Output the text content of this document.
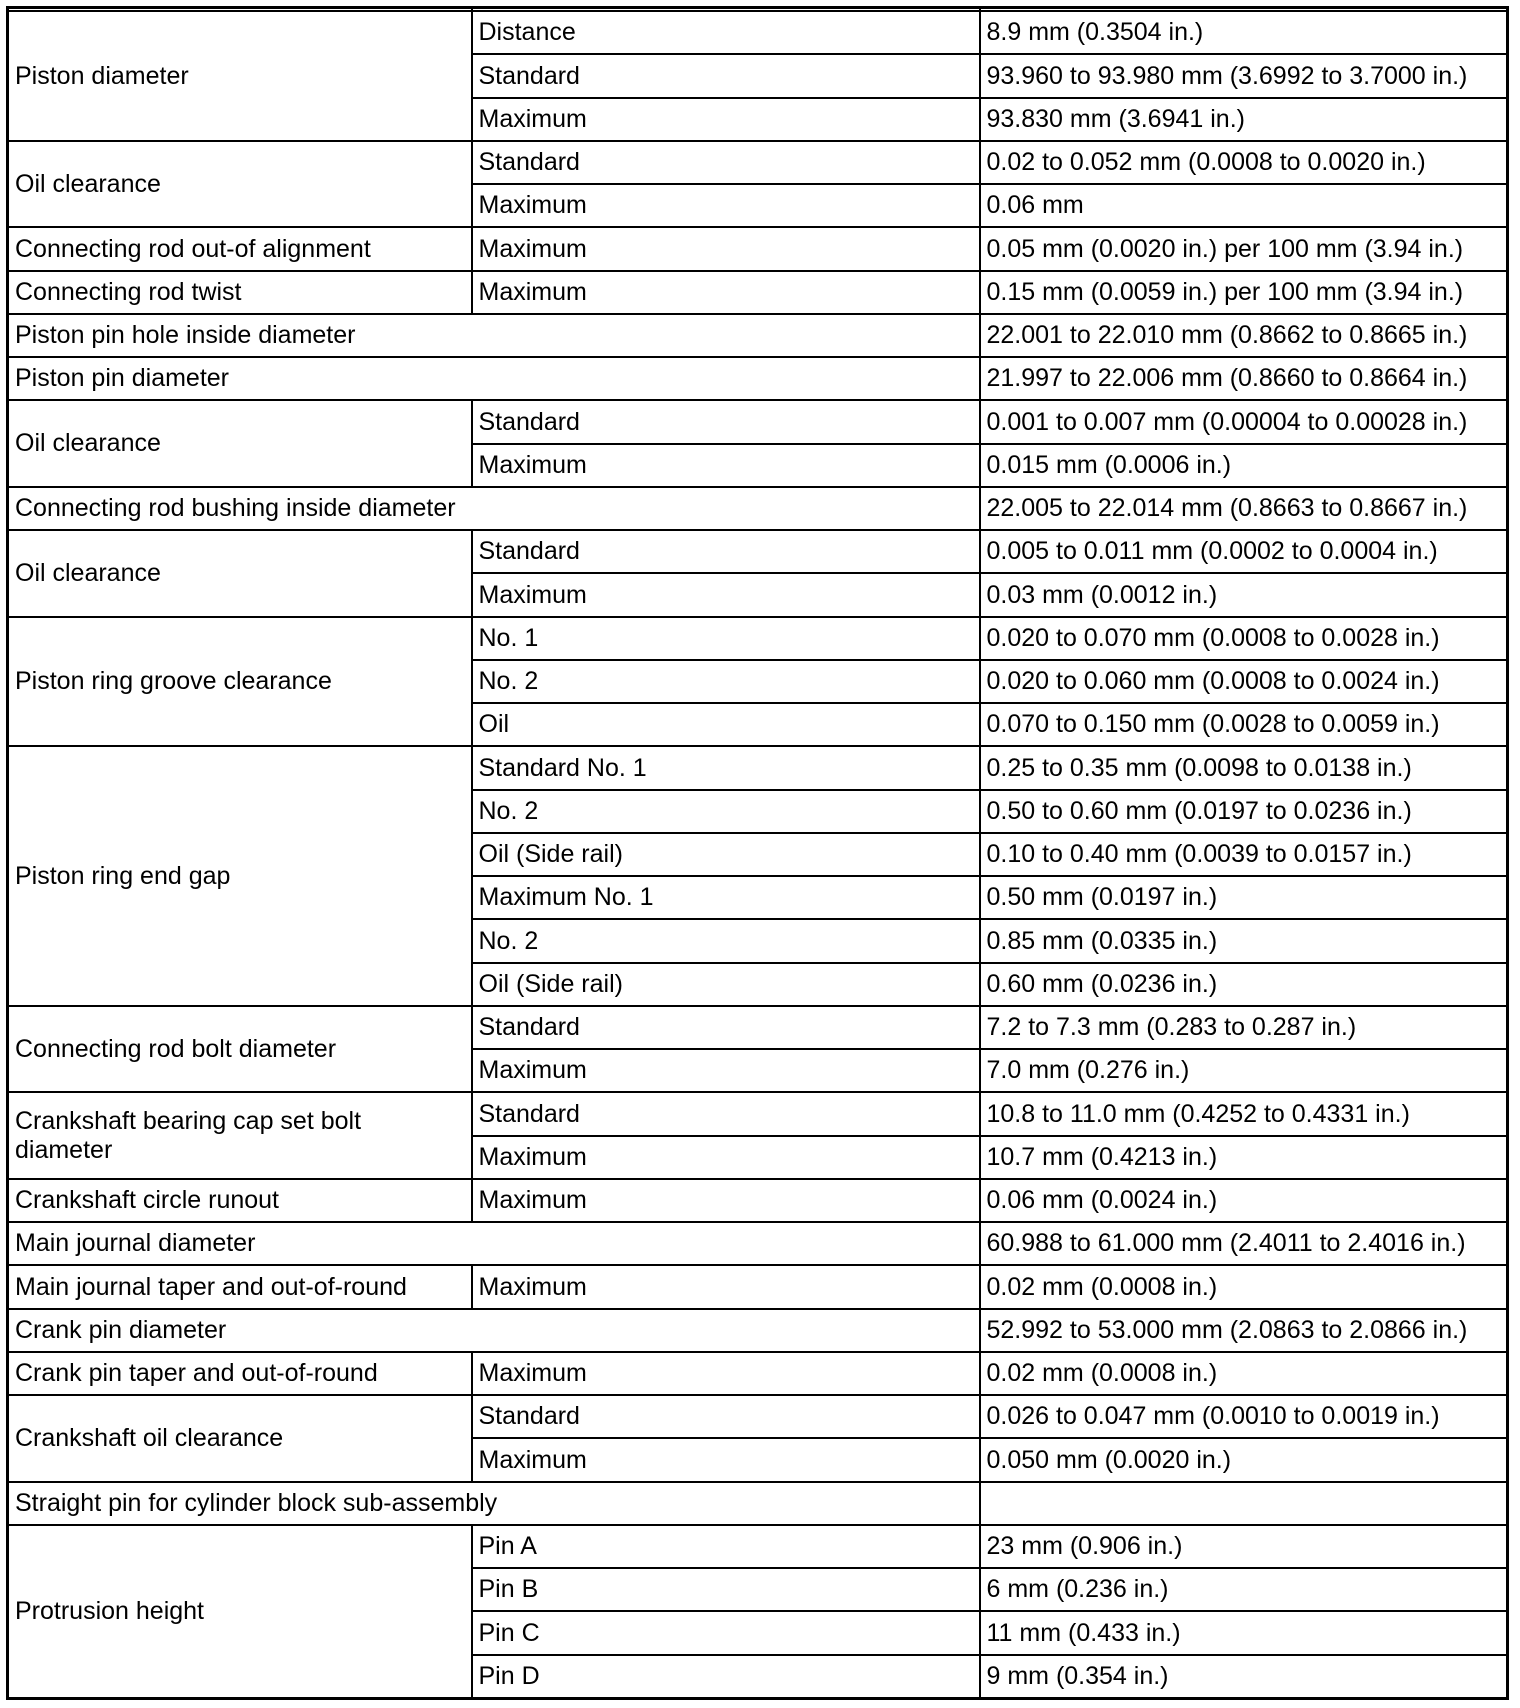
Piston diameter	Distance	8.9 mm (0.3504 in.)
	Standard	93.960 to 93.980 mm (3.6992 to 3.7000 in.)
	Maximum	93.830 mm (3.6941 in.)
Oil clearance	Standard	0.02 to 0.052 mm (0.0008 to 0.0020 in.)
	Maximum	0.06 mm
Connecting rod out-of alignment	Maximum	0.05 mm (0.0020 in.) per 100 mm (3.94 in.)
Connecting rod twist	Maximum	0.15 mm (0.0059 in.) per 100 mm (3.94 in.)
Piston pin hole inside diameter		22.001 to 22.010 mm (0.8662 to 0.8665 in.)
Piston pin diameter		21.997 to 22.006 mm (0.8660 to 0.8664 in.)
Oil clearance	Standard	0.001 to 0.007 mm (0.00004 to 0.00028 in.)
	Maximum	0.015 mm (0.0006 in.)
Connecting rod bushing inside diameter		22.005 to 22.014 mm (0.8663 to 0.8667 in.)
Oil clearance	Standard	0.005 to 0.011 mm (0.0002 to 0.0004 in.)
	Maximum	0.03 mm (0.0012 in.)
Piston ring groove clearance	No. 1	0.020 to 0.070 mm (0.0008 to 0.0028 in.)
	No. 2	0.020 to 0.060 mm (0.0008 to 0.0024 in.)
	Oil	0.070 to 0.150 mm (0.0028 to 0.0059 in.)
Piston ring end gap	Standard No. 1	0.25 to 0.35 mm (0.0098 to 0.0138 in.)
	No. 2	0.50 to 0.60 mm (0.0197 to 0.0236 in.)
	Oil (Side rail)	0.10 to 0.40 mm (0.0039 to 0.0157 in.)
	Maximum No. 1	0.50 mm (0.0197 in.)
	No. 2	0.85 mm (0.0335 in.)
	Oil (Side rail)	0.60 mm (0.0236 in.)
Connecting rod bolt diameter	Standard	7.2 to 7.3 mm (0.283 to 0.287 in.)
	Maximum	7.0 mm (0.276 in.)
Crankshaft bearing cap set bolt diameter	Standard	10.8 to 11.0 mm (0.4252 to 0.4331 in.)
	Maximum	10.7 mm (0.4213 in.)
Crankshaft circle runout	Maximum	0.06 mm (0.0024 in.)
Main journal diameter		60.988 to 61.000 mm (2.4011 to 2.4016 in.)
Main journal taper and out-of-round	Maximum	0.02 mm (0.0008 in.)
Crank pin diameter		52.992 to 53.000 mm (2.0863 to 2.0866 in.)
Crank pin taper and out-of-round	Maximum	0.02 mm (0.0008 in.)
Crankshaft oil clearance	Standard	0.026 to 0.047 mm (0.0010 to 0.0019 in.)
	Maximum	0.050 mm (0.0020 in.)
Straight pin for cylinder block sub-assembly		
Protrusion height	Pin A	23 mm (0.906 in.)
	Pin B	6 mm (0.236 in.)
	Pin C	11 mm (0.433 in.)
	Pin D	9 mm (0.354 in.)
